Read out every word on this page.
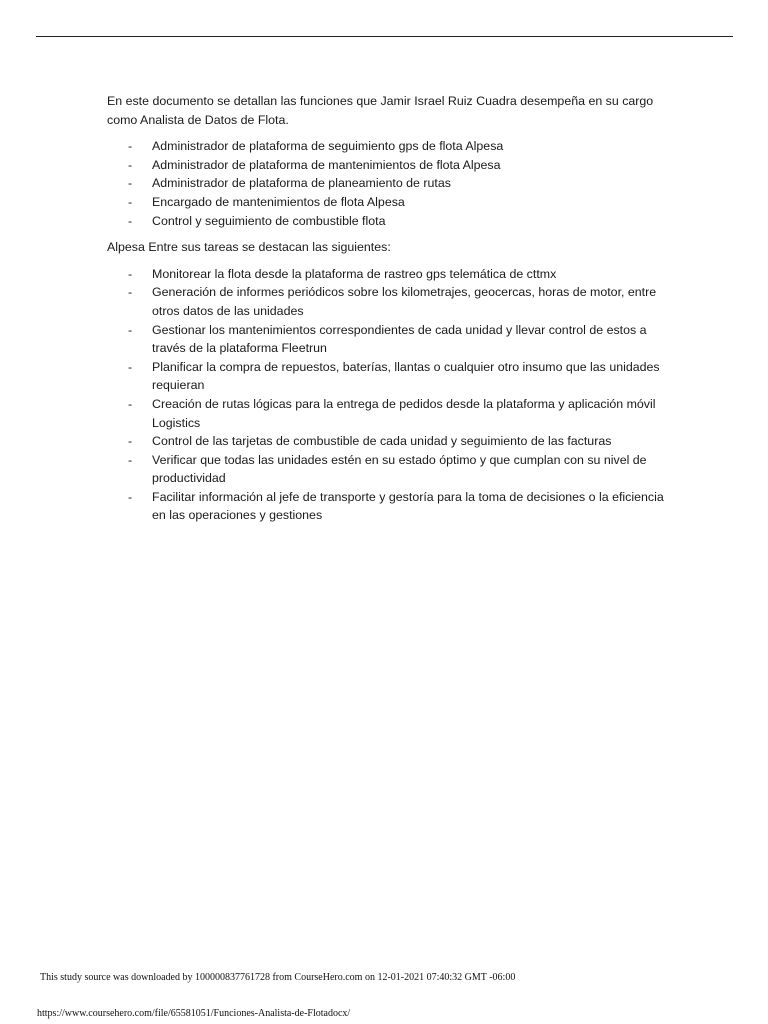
En este documento se detallan las funciones que Jamir Israel Ruiz Cuadra desempeña en su cargo como Analista de Datos de Flota.

- Administrador de plataforma de seguimiento gps de flota Alpesa
- Administrador de plataforma de mantenimientos de flota Alpesa
- Administrador de plataforma de planeamiento de rutas
- Encargado de mantenimientos de flota Alpesa
- Control y seguimiento de combustible flota

Alpesa Entre sus tareas se destacan las siguientes:

- Monitorear la flota desde la plataforma de rastreo gps telemática de cttmx
- Generación de informes periódicos sobre los kilometrajes, geocercas, horas de motor, entre otros datos de las unidades
- Gestionar los mantenimientos correspondientes de cada unidad y llevar control de estos a través de la plataforma Fleetrun
- Planificar la compra de repuestos, baterías, llantas o cualquier otro insumo que las unidades requieran
- Creación de rutas lógicas para la entrega de pedidos desde la plataforma y aplicación móvil Logistics
- Control de las tarjetas de combustible de cada unidad y seguimiento de las facturas
- Verificar que todas las unidades estén en su estado óptimo y que cumplan con su nivel de productividad
- Facilitar información al jefe de transporte y gestoría para la toma de decisiones o la eficiencia en las operaciones y gestiones
This study source was downloaded by 100000837761728 from CourseHero.com on 12-01-2021 07:40:32 GMT -06:00
https://www.coursehero.com/file/65581051/Funciones-Analista-de-Flotadocx/
